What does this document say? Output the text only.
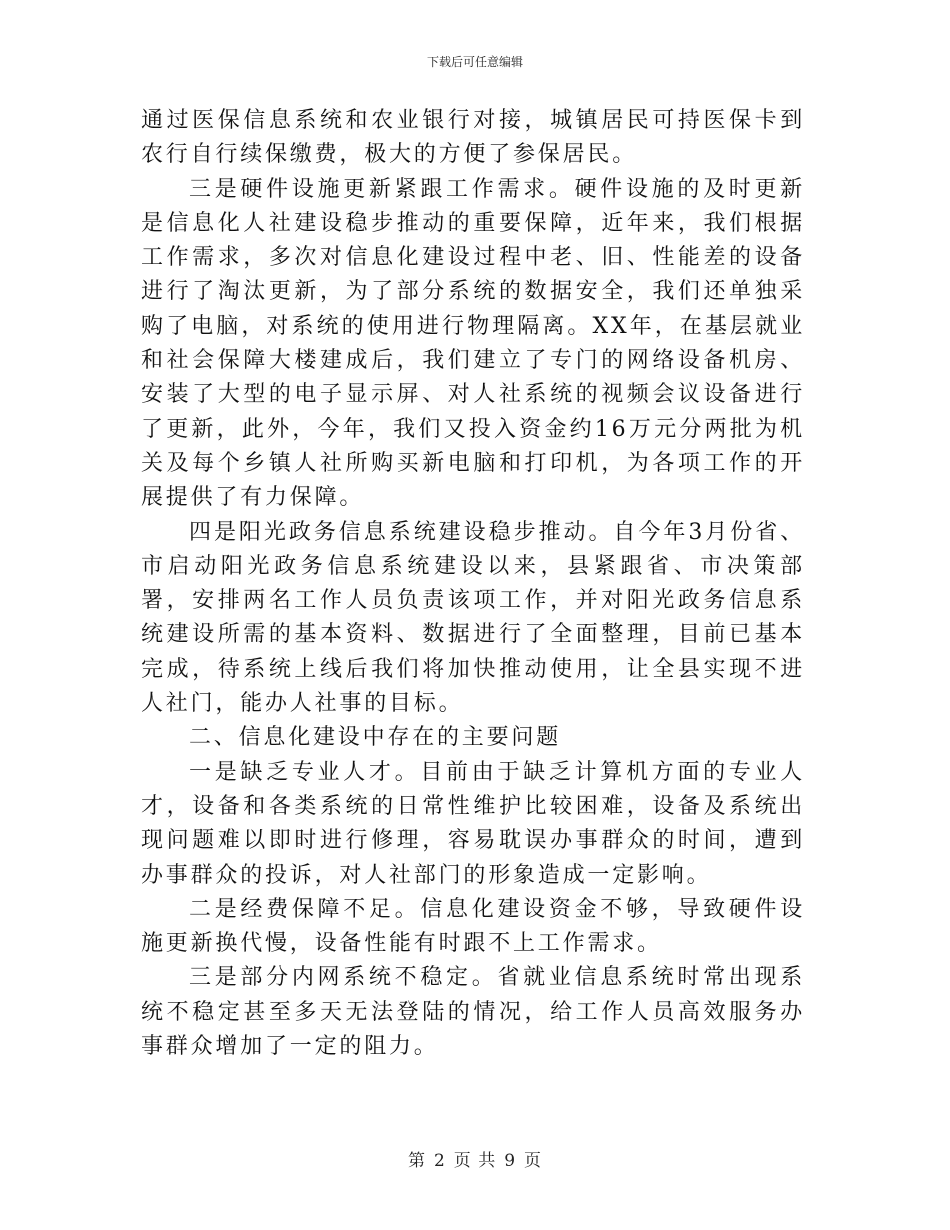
下载后可任意编辑

通过医保信息系统和农业银行对接，城镇居民可持医保卡到农行自行续保缴费，极大的方便了参保居民。

三是硬件设施更新紧跟工作需求。硬件设施的及时更新是信息化人社建设稳步推动的重要保障，近年来，我们根据工作需求，多次对信息化建设过程中老、旧、性能差的设备进行了淘汰更新，为了部分系统的数据安全，我们还单独采购了电脑，对系统的使用进行物理隔离。XX年，在基层就业和社会保障大楼建成后，我们建立了专门的网络设备机房、安装了大型的电子显示屏、对人社系统的视频会议设备进行了更新，此外，今年，我们又投入资金约16万元分两批为机关及每个乡镇人社所购买新电脑和打印机，为各项工作的开展提供了有力保障。

四是阳光政务信息系统建设稳步推动。自今年3月份省、市启动阳光政务信息系统建设以来，县紧跟省、市决策部署，安排两名工作人员负责该项工作，并对阳光政务信息系统建设所需的基本资料、数据进行了全面整理，目前已基本完成，待系统上线后我们将加快推动使用，让全县实现不进人社门，能办人社事的目标。

二、信息化建设中存在的主要问题

一是缺乏专业人才。目前由于缺乏计算机方面的专业人才，设备和各类系统的日常性维护比较困难，设备及系统出现问题难以即时进行修理，容易耽误办事群众的时间，遭到办事群众的投诉，对人社部门的形象造成一定影响。

二是经费保障不足。信息化建设资金不够，导致硬件设施更新换代慢，设备性能有时跟不上工作需求。

三是部分内网系统不稳定。省就业信息系统时常出现系统不稳定甚至多天无法登陆的情况，给工作人员高效服务办事群众增加了一定的阻力。

第 2 页 共 9 页
